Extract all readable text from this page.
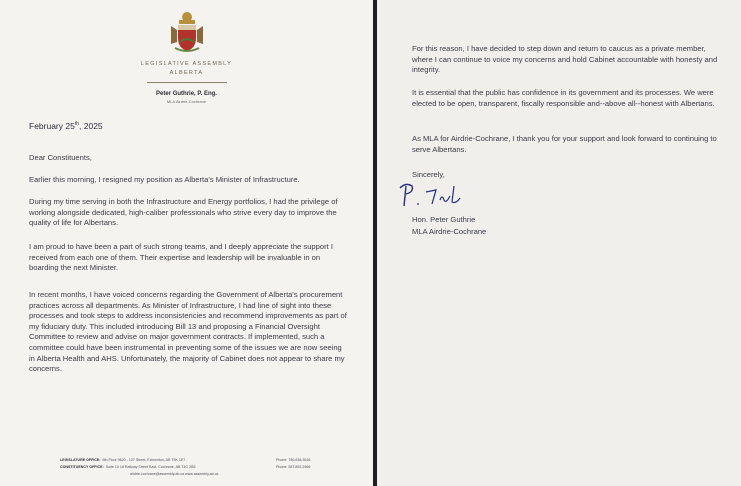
LEGISLATIVE ASSEMBLY
ALBERTA
Peter Guthrie, P. Eng.
MLA Airdrie-Cochrane
February 25th, 2025

Dear Constituents,

Earlier this morning, I resigned my position as Alberta's Minister of Infrastructure.

During my time serving in both the Infrastructure and Energy portfolios, I had the privilege of working alongside dedicated, high-caliber professionals who strive every day to improve the quality of life for Albertans.

I am proud to have been a part of such strong teams, and I deeply appreciate the support I received from each one of them. Their expertise and leadership will be invaluable in on boarding the next Minister.

In recent months, I have voiced concerns regarding the Government of Alberta's procurement practices across all departments. As Minister of Infrastructure, I had line of sight into these processes and took steps to address inconsistencies and recommend improvements as part of my fiduciary duty. This included introducing Bill 13 and proposing a Financial Oversight Committee to review and advise on major government contracts. If implemented, such a committee could have been instrumental in preventing some of the issues we are now seeing in Alberta Health and AHS. Unfortunately, the majority of Cabinet does not appear to share my concerns.

LEGISLATURE OFFICE: 6th Floor 9820 - 107 Street, Edmonton, AB T5K 1E7	Phone: 780.638.3616
CONSTITUENCY OFFICE: Suite 10 18 Railway Street East, Cochrane, AB T4C 2B5	Phone: 587.892.2966
airdrie.cochrane@assembly.ab.ca www.assembly.ab.ca

For this reason, I have decided to step down and return to caucus as a private member, where I can continue to voice my concerns and hold Cabinet accountable with honesty and integrity.

It is essential that the public has confidence in its government and its processes. We were elected to be open, transparent, fiscally responsible and--above all--honest with Albertans.

As MLA for Airdrie-Cochrane, I thank you for your support and look forward to continuing to serve Albertans.

Sincerely,
Hon. Peter Guthrie
MLA Airdrie-Cochrane
